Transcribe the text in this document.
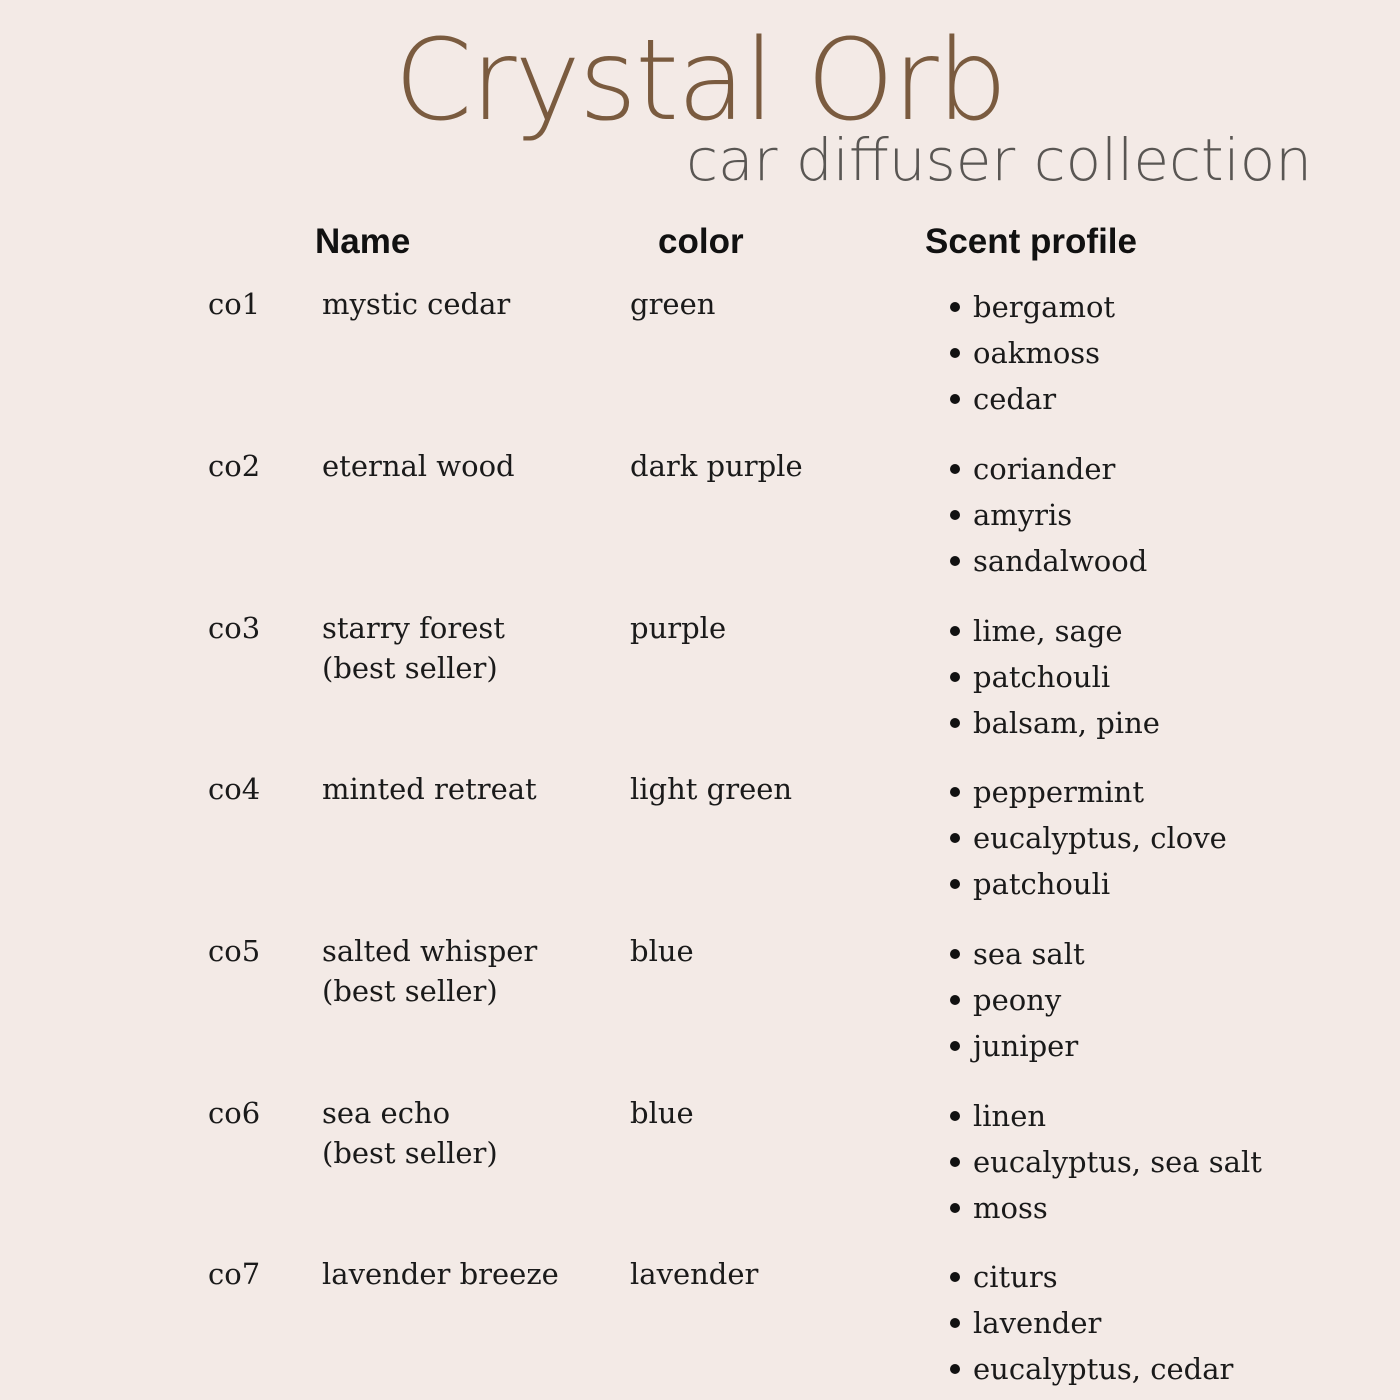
Crystal Orb
car diffuser collection
Name	color	Scent profile
co1 mystic cedar	green	bergamot
oakmoss
cedar
co2 eternal wood	dark purple	coriander
amyris
sandalwood
co3 starry forest
(best seller)
purple	lime, sage
patchouli
balsam, pine
co4 minted retreat	light green	peppermint
eucalyptus, clove
patchouli
co5 salted whisper
(best seller)
blue	sea salt
peony
juniper
co6 sea echo
(best seller)
blue	linen
eucalyptus, sea salt
moss
co7 lavender breeze	lavender	citurs
lavender
eucalyptus, cedar
